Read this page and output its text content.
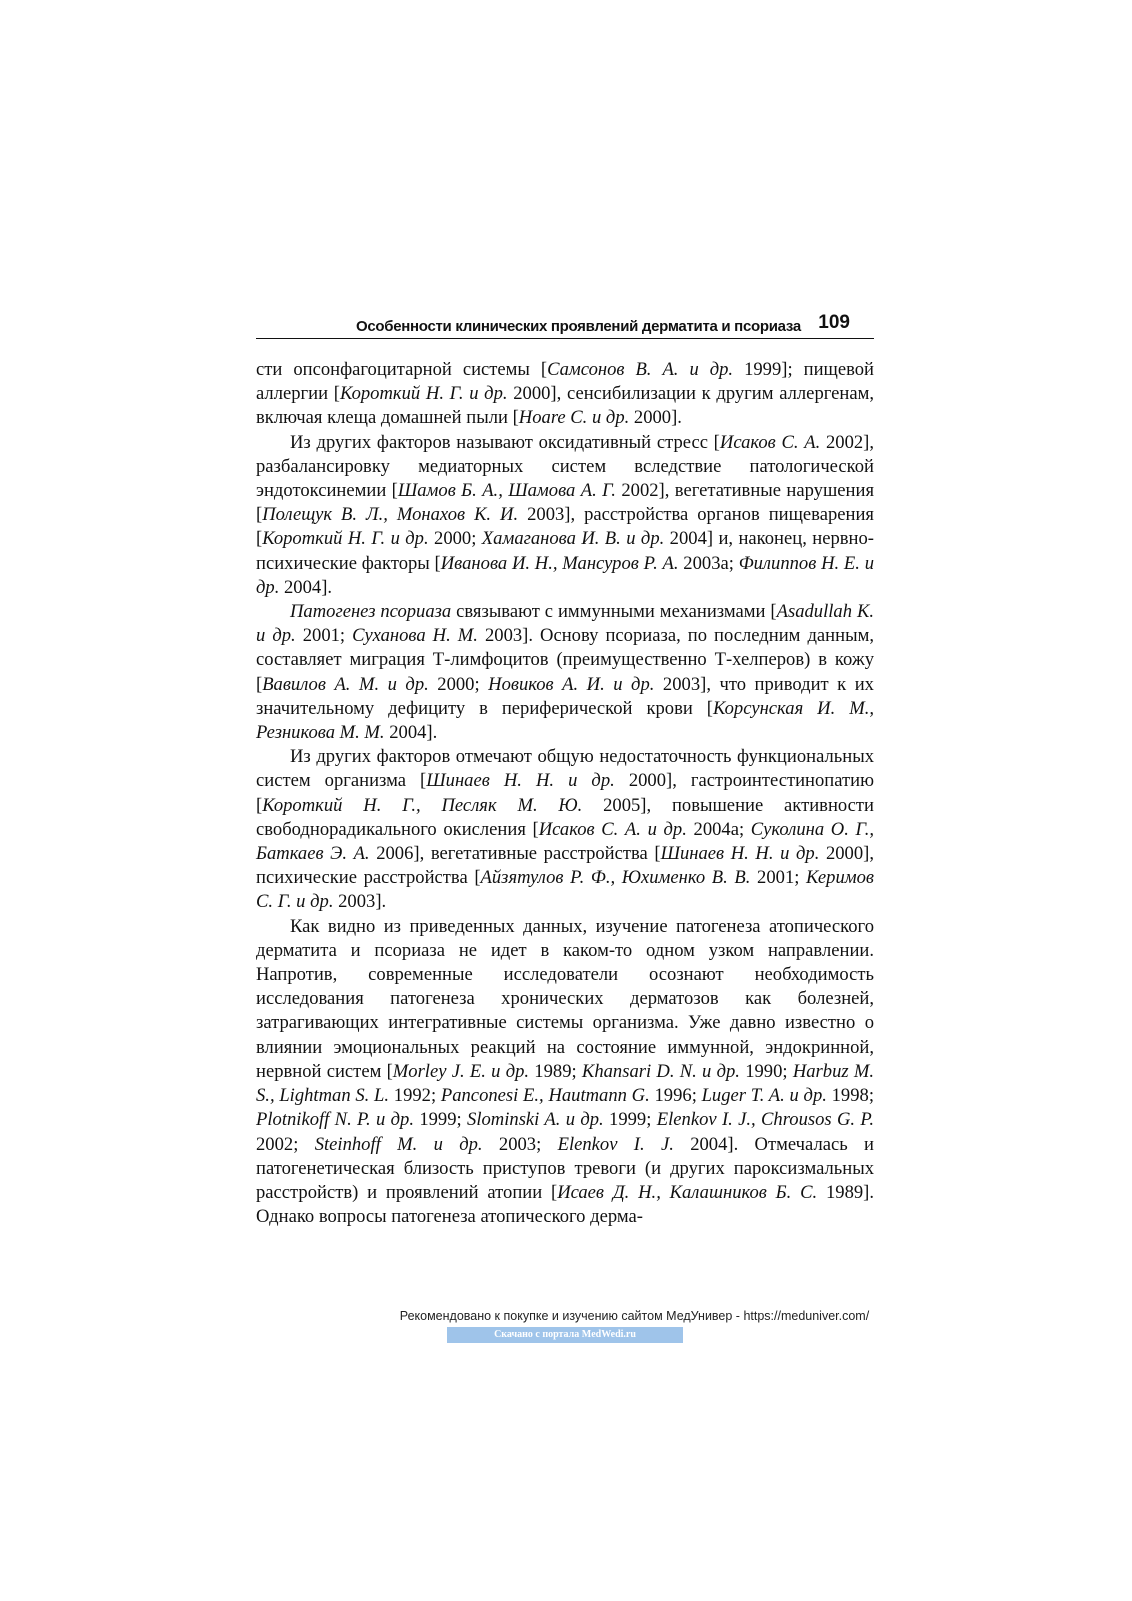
Особенности клинических проявлений дерматита и псориаза 109

сти опсонфагоцитарной системы [Самсонов В. А. и др. 1999]; пищевой аллергии [Короткий Н. Г. и др. 2000], сенсибилизации к другим аллергенам, включая клеща домашней пыли [Hoare C. и др. 2000].

Из других факторов называют оксидативный стресс [Исаков С. А. 2002], разбалансировку медиаторных систем вследствие патологической эндотоксинемии [Шамов Б. А., Шамова А. Г. 2002], вегетативные нарушения [Полещук В. Л., Монахов К. И. 2003], расстройства органов пищеварения [Короткий Н. Г. и др. 2000; Хамаганова И. В. и др. 2004] и, наконец, нервно-психические факторы [Иванова И. Н., Мансуров Р. А. 2003а; Филиппов Н. Е. и др. 2004].

Патогенез псориаза связывают с иммунными механизмами [Asadullah K. и др. 2001; Суханова Н. М. 2003]. Основу псориаза, по последним данным, составляет миграция Т-лимфоцитов (преимущественно Т-хелперов) в кожу [Вавилов А. М. и др. 2000; Новиков А. И. и др. 2003], что приводит к их значительному дефициту в периферической крови [Корсунская И. М., Резникова М. М. 2004].

Из других факторов отмечают общую недостаточность функциональных систем организма [Шинаев Н. Н. и др. 2000], гастроинтестинопатию [Короткий Н. Г., Песляк М. Ю. 2005], повышение активности свободнорадикального окисления [Исаков С. А. и др. 2004а; Суколина О. Г., Баткаев Э. А. 2006], вегетативные расстройства [Шинаев Н. Н. и др. 2000], психические расстройства [Айзятулов Р. Ф., Юхименко В. В. 2001; Керимов С. Г. и др. 2003].

Как видно из приведенных данных, изучение патогенеза атопического дерматита и псориаза не идет в каком-то одном узком направлении. Напротив, современные исследователи осознают необходимость исследования патогенеза хронических дерматозов как болезней, затрагивающих интегративные системы организма. Уже давно известно о влиянии эмоциональных реакций на состояние иммунной, эндокринной, нервной систем [Morley J. E. и др. 1989; Khansari D. N. и др. 1990; Harbuz M. S., Lightman S. L. 1992; Panconesi E., Hautmann G. 1996; Luger T. A. и др. 1998; Plotnikoff N. P. и др. 1999; Slominski A. и др. 1999; Elenkov I. J., Chrousos G. P. 2002; Steinhoff M. и др. 2003; Elenkov I. J. 2004]. Отмечалась и патогенетическая близость приступов тревоги (и других пароксизмальных расстройств) и проявлений атопии [Исаев Д. Н., Калашников Б. С. 1989]. Однако вопросы патогенеза атопического дерма-

Рекомендовано к покупке и изучению сайтом МедУнивер - https://meduniver.com/
Скачано с портала MedWedi.ru
